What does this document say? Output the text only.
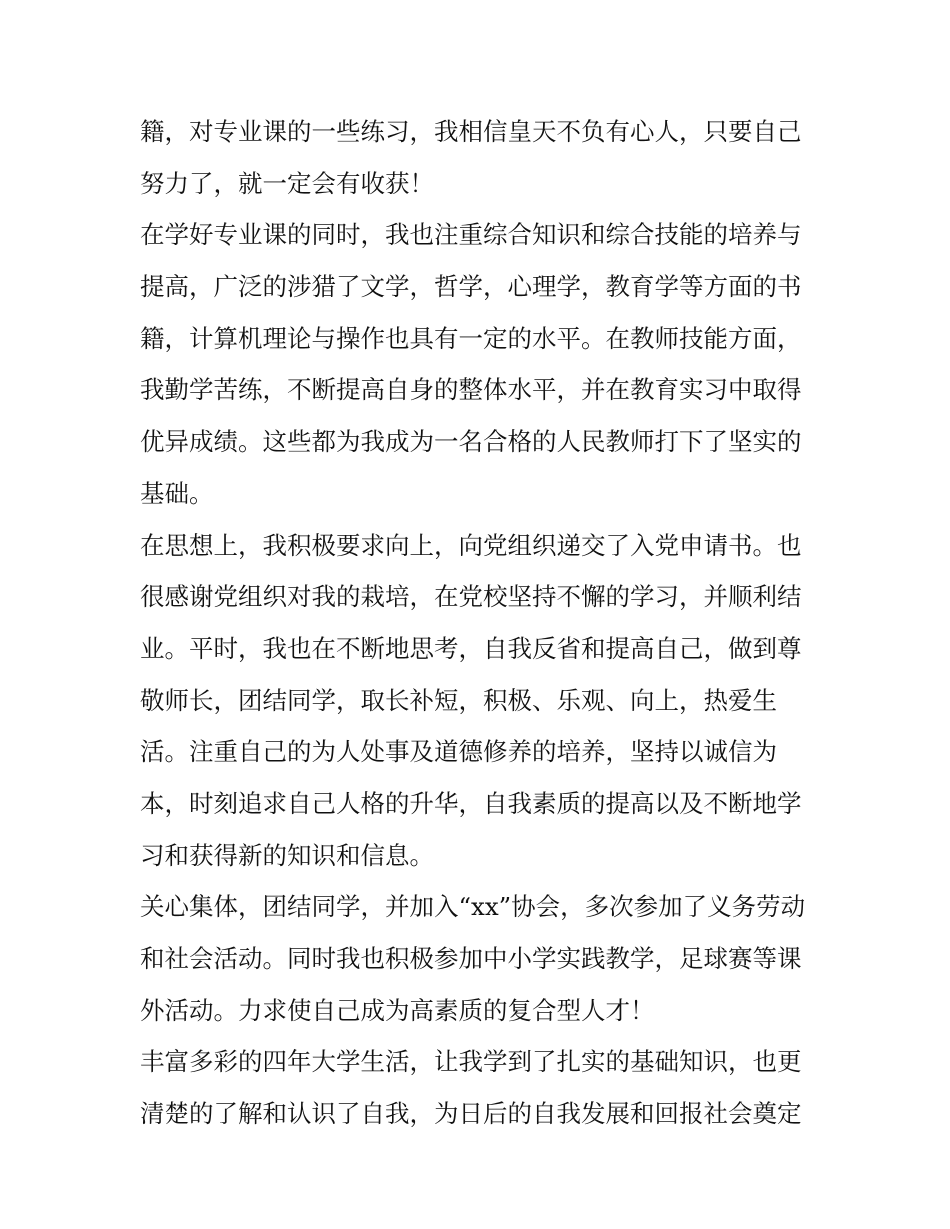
籍，对专业课的一些练习，我相信皇天不负有心人，只要自己
努力了，就一定会有收获！
在学好专业课的同时，我也注重综合知识和综合技能的培养与
提高，广泛的涉猎了文学，哲学，心理学，教育学等方面的书
籍，计算机理论与操作也具有一定的水平。在教师技能方面，
我勤学苦练，不断提高自身的整体水平，并在教育实习中取得
优异成绩。这些都为我成为一名合格的人民教师打下了坚实的
基础。
在思想上，我积极要求向上，向党组织递交了入党申请书。也
很感谢党组织对我的栽培，在党校坚持不懈的学习，并顺利结
业。平时，我也在不断地思考，自我反省和提高自己，做到尊
敬师长，团结同学，取长补短，积极、乐观、向上，热爱生
活。注重自己的为人处事及道德修养的培养，坚持以诚信为
本，时刻追求自己人格的升华，自我素质的提高以及不断地学
习和获得新的知识和信息。
关心集体，团结同学，并加入“xx”协会，多次参加了义务劳动
和社会活动。同时我也积极参加中小学实践教学，足球赛等课
外活动。力求使自己成为高素质的复合型人才！
丰富多彩的四年大学生活，让我学到了扎实的基础知识，也更
清楚的了解和认识了自我，为日后的自我发展和回报社会奠定
